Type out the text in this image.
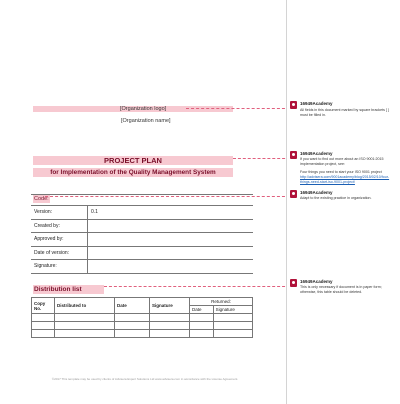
[Organization logo]
[Organization name]
PROJECT PLAN
for Implementation of the Quality Management System
Code:
Version:	0.1
Created by:	
Approved by:	
Date of version:	
Signature:	
Distribution list
Copy No.	Distributed to	Date	Signature	Returned:	
				Date	Signature

©2017 This template may be used by clients of Advisera Expert Solutions Ltd www.advisera.com in accordance with the License Agreement.
16949Academy
All fields in this document marked by square brackets [ ] must be filled in.
16949Academy
If you want to find out more about an ISO 9001:2015 implementation project, see:
Four things you need to start your ISO 9001 project
http://advisera.com/9001academy/blog/2015/02/10/four-things-need-start-iso-9001-project/
16949Academy
Adapt to the existing practice in organization.
16949Academy
This is only necessary if document is in paper form; otherwise, this table should be deleted.
